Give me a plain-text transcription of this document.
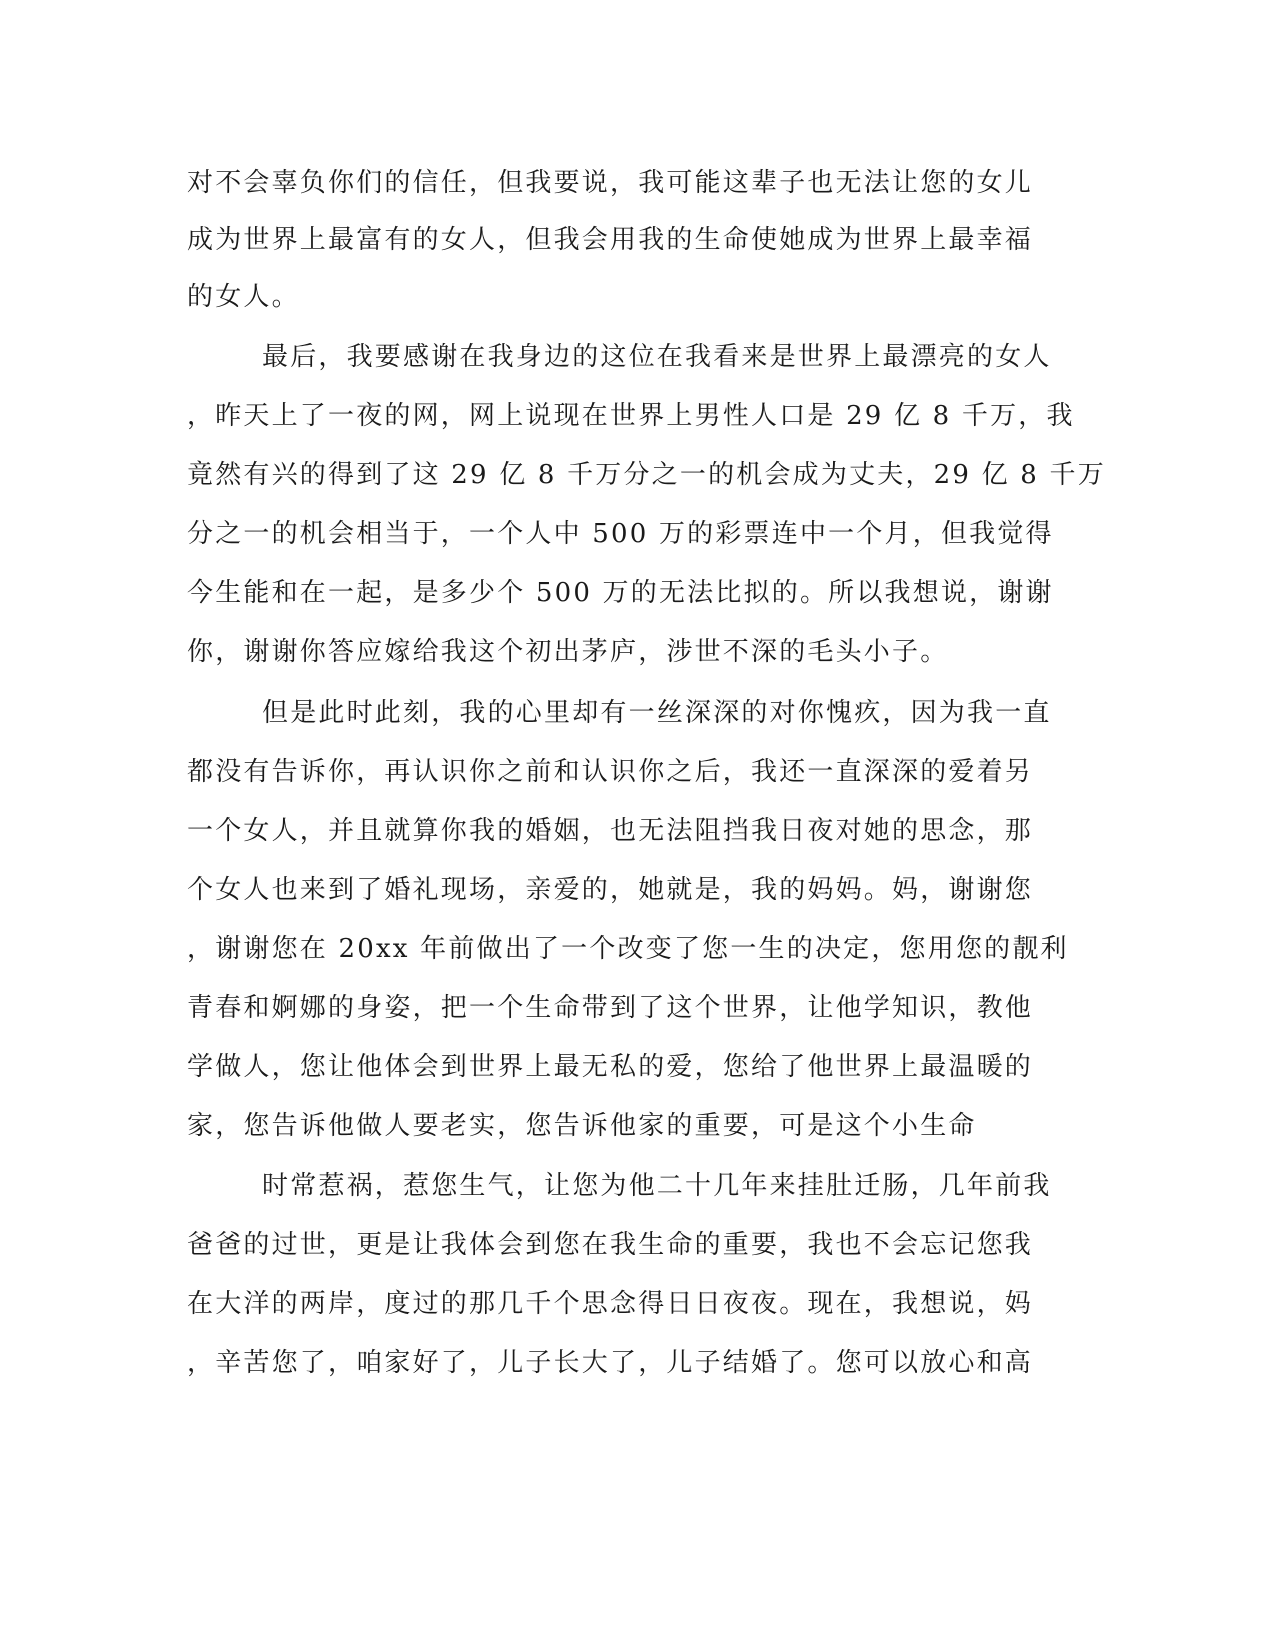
对不会辜负你们的信任，但我要说，我可能这辈子也无法让您的女儿

成为世界上最富有的女人，但我会用我的生命使她成为世界上最幸福

的女人。

最后，我要感谢在我身边的这位在我看来是世界上最漂亮的女人

，昨天上了一夜的网，网上说现在世界上男性人口是 29 亿 8 千万，我

竟然有兴的得到了这 29 亿 8 千万分之一的机会成为丈夫，29 亿 8 千万

分之一的机会相当于，一个人中 500 万的彩票连中一个月，但我觉得

今生能和在一起，是多少个 500 万的无法比拟的。所以我想说，谢谢

你，谢谢你答应嫁给我这个初出茅庐，涉世不深的毛头小子。

但是此时此刻，我的心里却有一丝深深的对你愧疚，因为我一直

都没有告诉你，再认识你之前和认识你之后，我还一直深深的爱着另

一个女人，并且就算你我的婚姻，也无法阻挡我日夜对她的思念，那

个女人也来到了婚礼现场，亲爱的，她就是，我的妈妈。妈，谢谢您

，谢谢您在 20xx 年前做出了一个改变了您一生的决定，您用您的靓利

青春和婀娜的身姿，把一个生命带到了这个世界，让他学知识，教他

学做人，您让他体会到世界上最无私的爱，您给了他世界上最温暖的

家，您告诉他做人要老实，您告诉他家的重要，可是这个小生命

时常惹祸，惹您生气，让您为他二十几年来挂肚迁肠，几年前我

爸爸的过世，更是让我体会到您在我生命的重要，我也不会忘记您我

在大洋的两岸，度过的那几千个思念得日日夜夜。现在，我想说，妈

，辛苦您了，咱家好了，儿子长大了，儿子结婚了。您可以放心和高
